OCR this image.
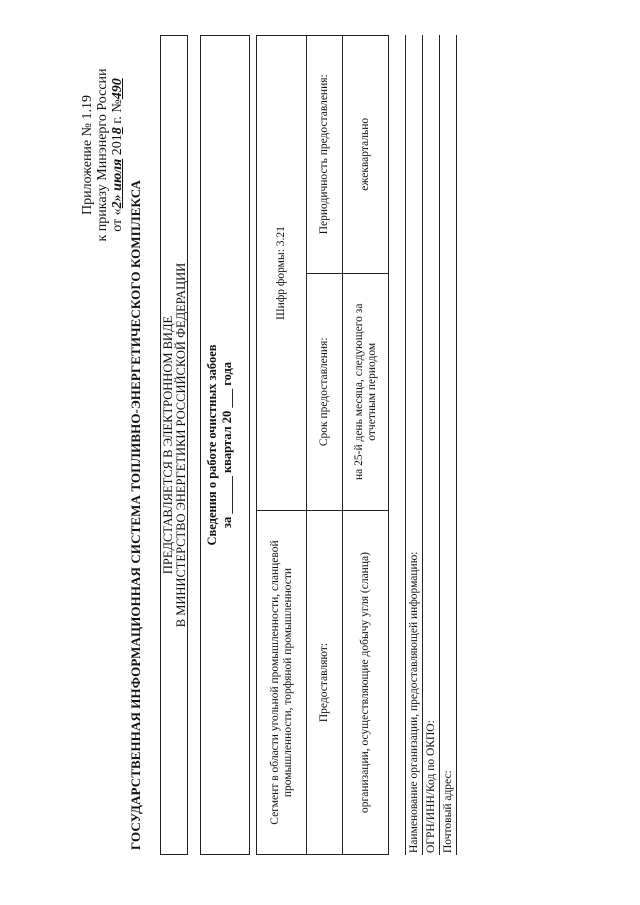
Приложение № 1.19 к приказу Минэнерго России от «2» июля 2018 г. №490
ГОСУДАРСТВЕННАЯ ИНФОРМАЦИОННАЯ СИСТЕМА ТОПЛИВНО-ЭНЕРГЕТИЧЕСКОГО КОМПЛЕКСА ПРЕДСТАВЛЯЕТСЯ В ЭЛЕКТРОННОМ ВИДЕ В МИНИСТЕРСТВО ЭНЕРГЕТИКИ РОССИЙСКОЙ ФЕДЕРАЦИИ Сведения о работе очистных забоев за ______ квартал 20 ___ года
Сегмент в области угольной промышленности, сланцевой промышленности, торфяной промышленности	Шифр формы: 3.21	
Предоставляют:	Срок предоставления:	Периодичность предоставления:
организации, осуществляющие добычу угля (сланца)	на 25-й день месяца, следующего за отчетным периодом	ежеквартально
Наименование организации, предоставляющей информацию: ОГРН/ИНН/Код по ОКПО: Почтовый адрес:
